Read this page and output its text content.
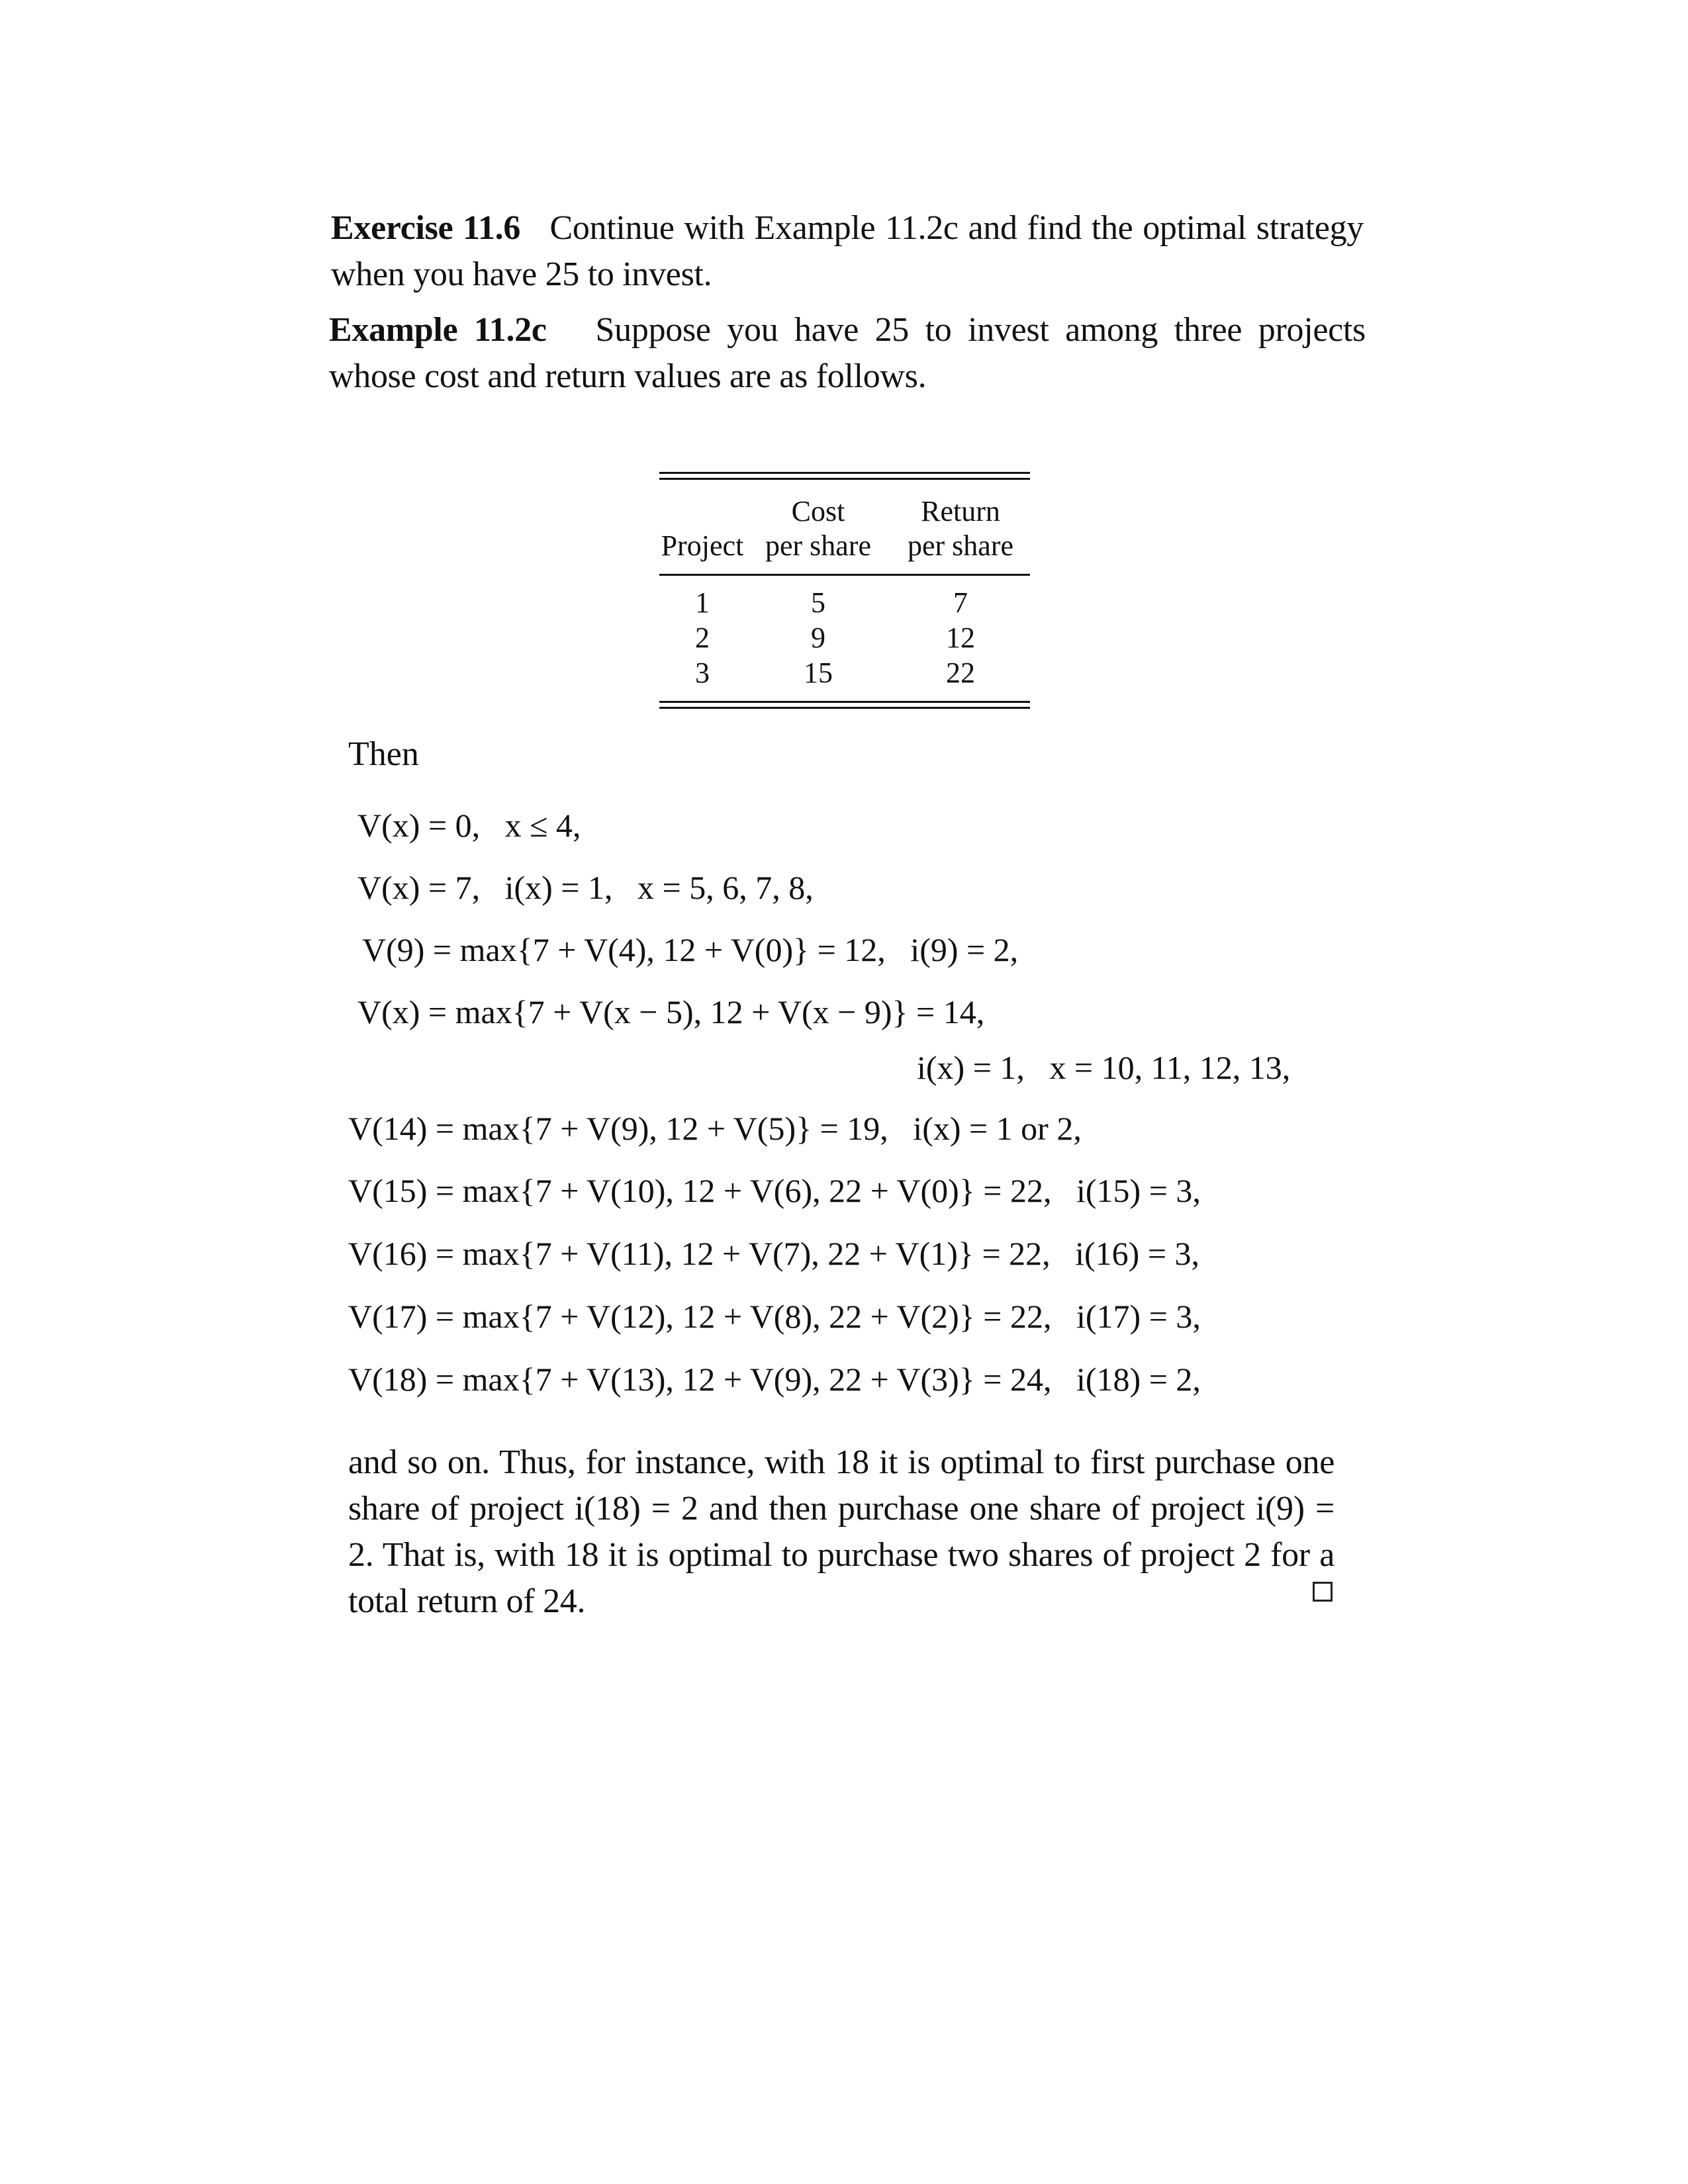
Exercise 11.6 Continue with Example 11.2c and find the optimal strategy when you have 25 to invest.
Example 11.2c Suppose you have 25 to invest among three projects whose cost and return values are as follows.
	Cost	Return
Project	per share	per share

1	5	7
2	9	12
3	15	22
Then
V(x) = 0,   x ≤ 4,
V(x) = 7,   i(x) = 1,   x = 5, 6, 7, 8,
V(9) = max{7 + V(4), 12 + V(0)} = 12,   i(9) = 2,
V(x) = max{7 + V(x − 5), 12 + V(x − 9)} = 14,
i(x) = 1,   x = 10, 11, 12, 13,
V(14) = max{7 + V(9), 12 + V(5)} = 19,   i(x) = 1 or 2,
V(15) = max{7 + V(10), 12 + V(6), 22 + V(0)} = 22,   i(15) = 3,
V(16) = max{7 + V(11), 12 + V(7), 22 + V(1)} = 22,   i(16) = 3,
V(17) = max{7 + V(12), 12 + V(8), 22 + V(2)} = 22,   i(17) = 3,
V(18) = max{7 + V(13), 12 + V(9), 22 + V(3)} = 24,   i(18) = 2,
and so on. Thus, for instance, with 18 it is optimal to first purchase one share of project i(18) = 2 and then purchase one share of project i(9) = 2. That is, with 18 it is optimal to purchase two shares of project 2 for a total return of 24.
